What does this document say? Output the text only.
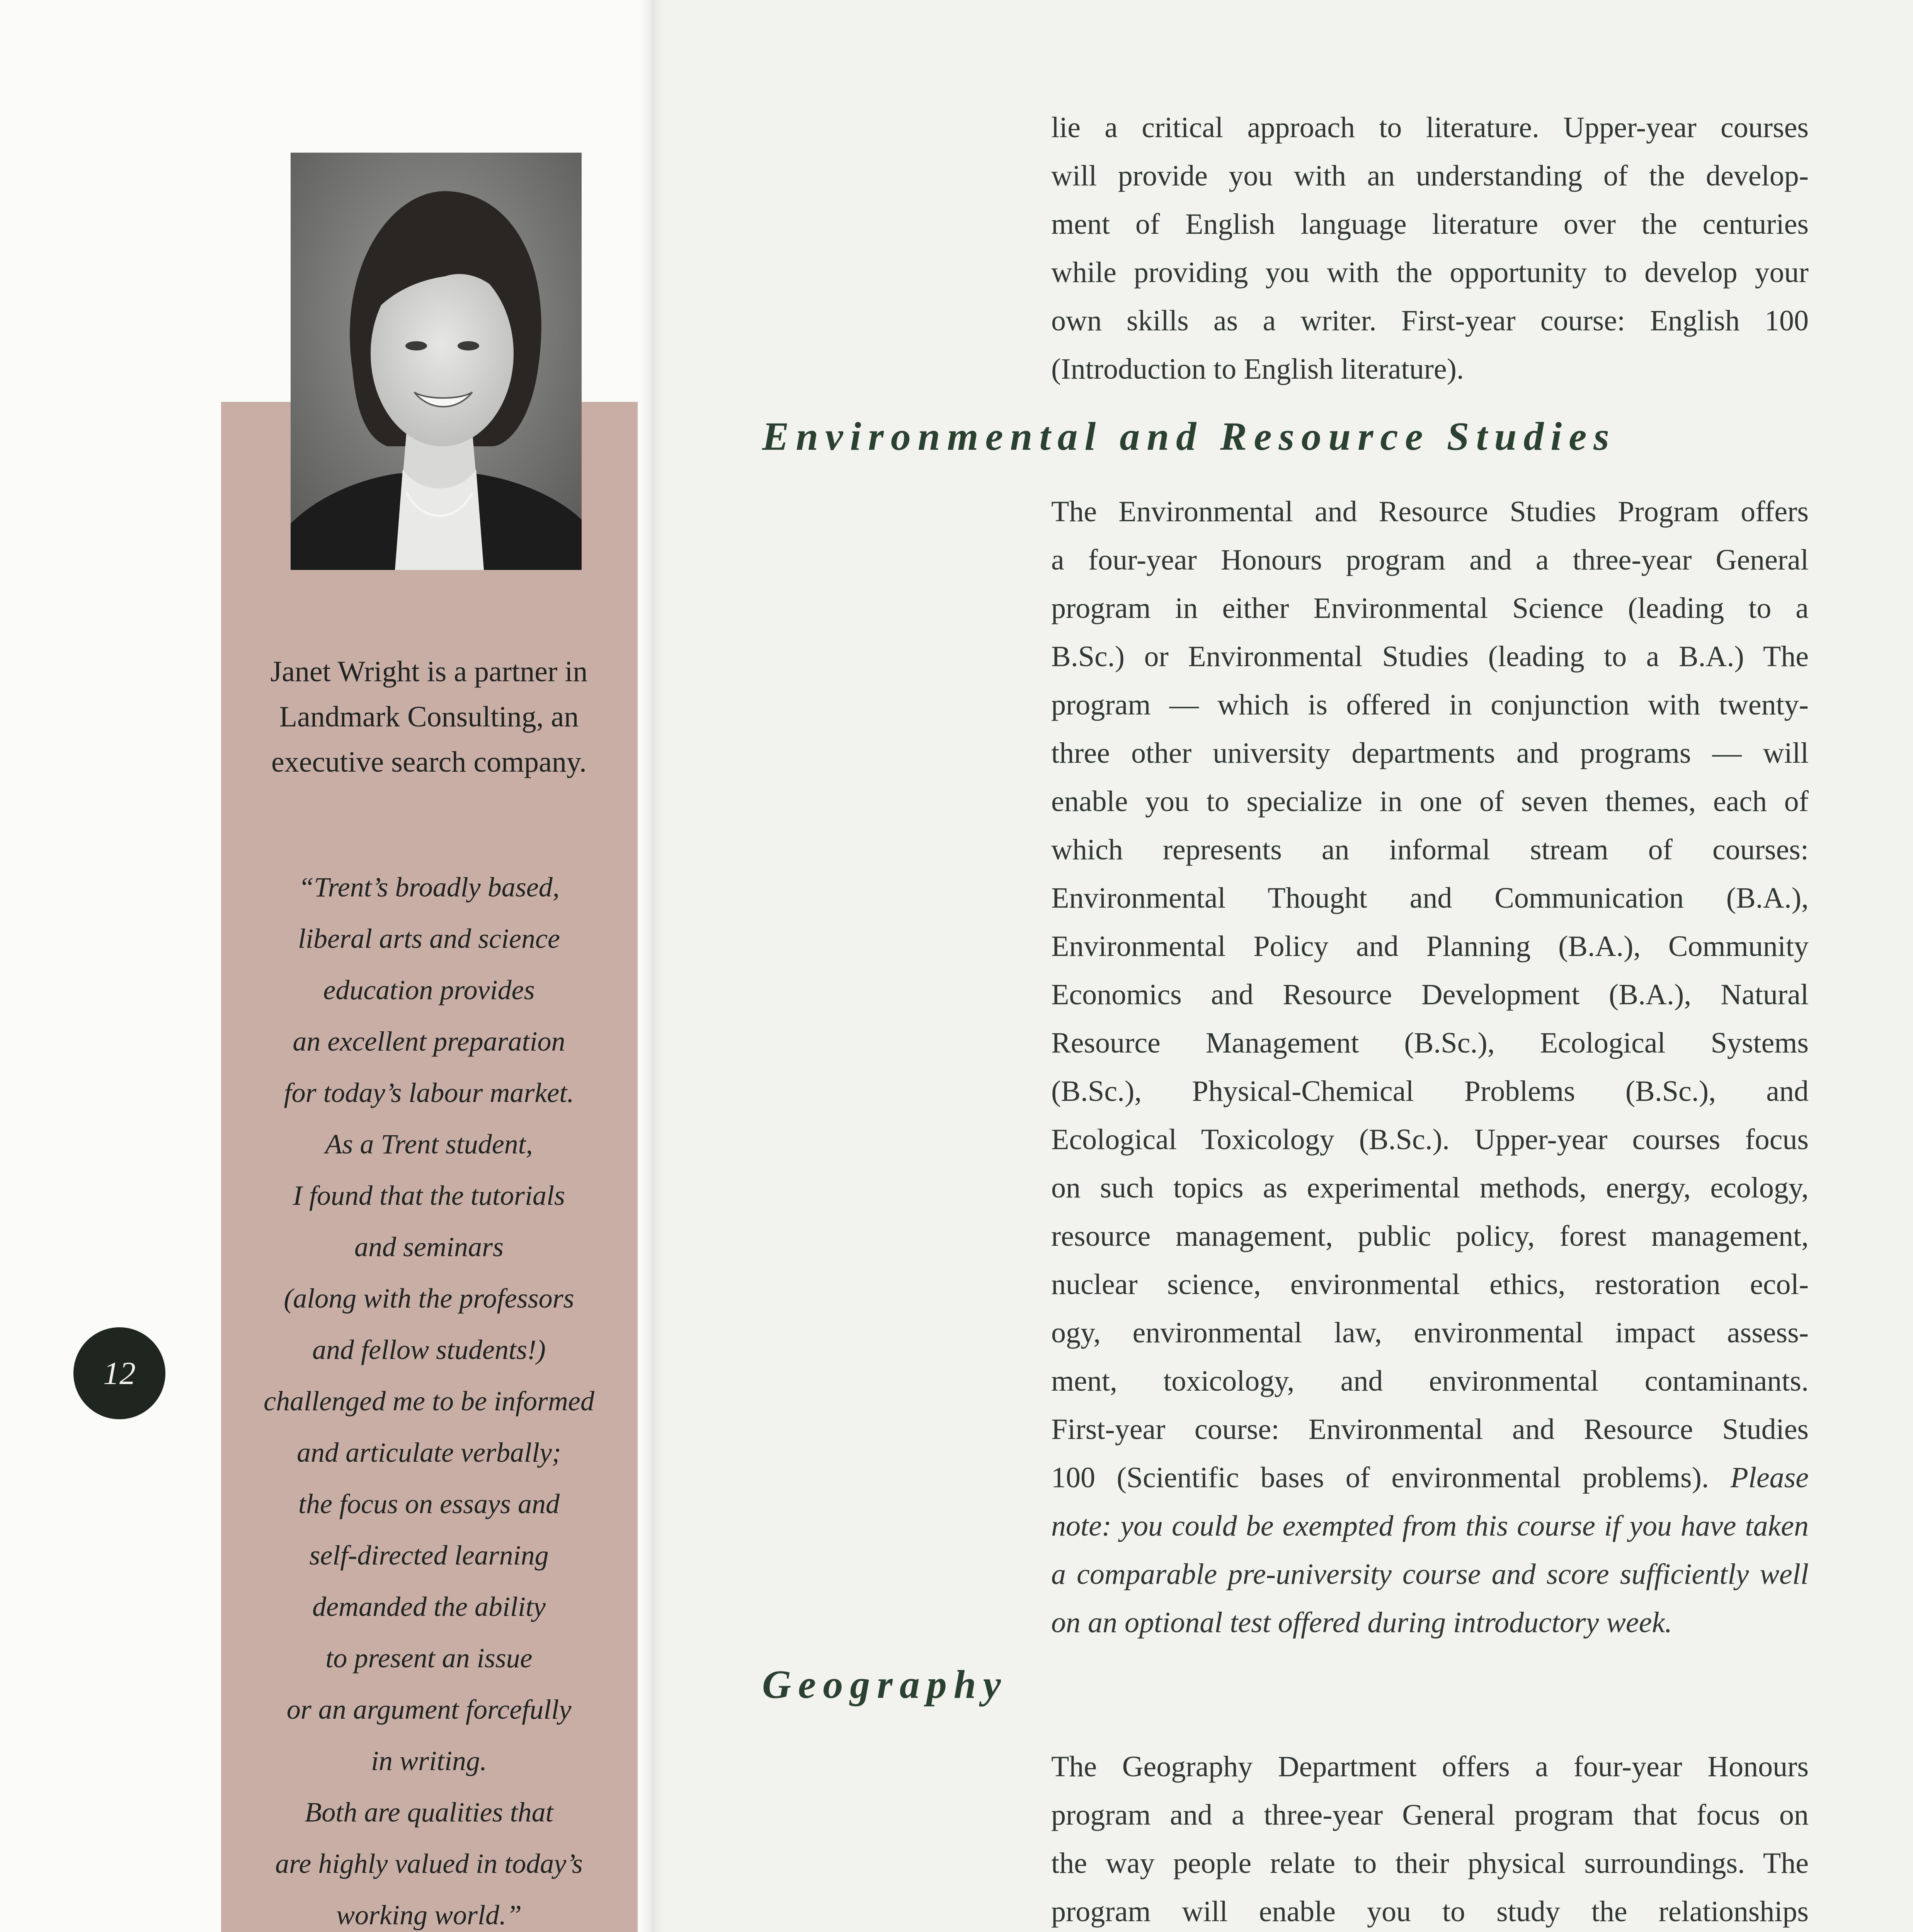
Janet Wright is a partner in
Landmark Consulting, an
executive search company.
“Trent’s broadly based,
liberal arts and science
education provides
an excellent preparation
for today’s labour market.
As a Trent student,
I found that the tutorials
and seminars
(along with the professors
and fellow students!)
challenged me to be informed
and articulate verbally;
the focus on essays and
self-directed learning
demanded the ability
to present an issue
or an argument forcefully
in writing.
Both are qualities that
are highly valued in today’s
working world.”
12
lie a critical approach to literature. Upper-year courses
will provide you with an understanding of the develop-
ment of English language literature over the centuries
while providing you with the opportunity to develop your
own skills as a writer. First-year course: English 100
(Introduction to English literature).
Environmental and Resource Studies
The Environmental and Resource Studies Program offers
a four-year Honours program and a three-year General
program in either Environmental Science (leading to a
B.Sc.) or Environmental Studies (leading to a B.A.) The
program — which is offered in conjunction with twenty-
three other university departments and programs — will
enable you to specialize in one of seven themes, each of
which represents an informal stream of courses:
Environmental Thought and Communication (B.A.),
Environmental Policy and Planning (B.A.), Community
Economics and Resource Development (B.A.), Natural
Resource Management (B.Sc.), Ecological Systems
(B.Sc.), Physical-Chemical Problems (B.Sc.), and
Ecological Toxicology (B.Sc.). Upper-year courses focus
on such topics as experimental methods, energy, ecology,
resource management, public policy, forest management,
nuclear science, environmental ethics, restoration ecol-
ogy, environmental law, environmental impact assess-
ment, toxicology, and environmental contaminants.
First-year course: Environmental and Resource Studies
100 (Scientific bases of environmental problems). Please
note: you could be exempted from this course if you have taken
a comparable pre-university course and score sufficiently well
on an optional test offered during introductory week.
Geography
The Geography Department offers a four-year Honours
program and a three-year General program that focus on
the way people relate to their physical surroundings. The
program will enable you to study the relationships
